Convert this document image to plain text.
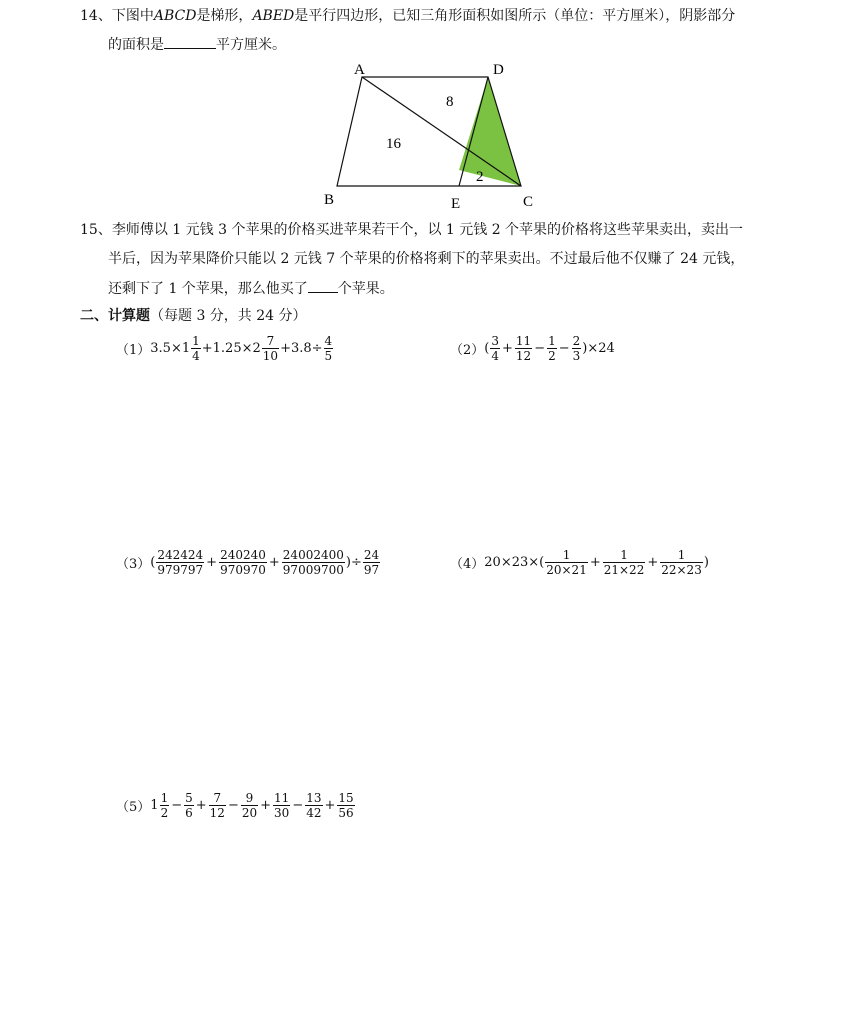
14、下图中ABCD是梯形，ABED是平行四边形，已知三角形面积如图所示（单位：平方厘米），阴影部分
的面积是	平方厘米。
A	D
B	E	C
8
16
2
15、李师傅以 1 元钱 3 个苹果的价格买进苹果若干个，以 1 元钱 2 个苹果的价格将这些苹果卖出，卖出一
半后，因为苹果降价只能以 2 元钱 7 个苹果的价格将剩下的苹果卖出。不过最后他不仅赚了 24 元钱，
还剩下了 1 个苹果，那么他买了 个苹果。
二、计算题（每题 3 分，共 24 分）
（1） $3.5\times 1 \frac{1}{4} +1.25\times 2 \frac{7}{10} +3.8\div \frac{4}{5}$	（2） ( $\frac{3}{4} + \frac{11}{12} - \frac{1}{2} - \frac{2}{3} )\times 24$
（3） ( $\frac{242424}{979797} + \frac{240240}{970970} + \frac{24002400}{97009700}$ )÷ $\frac{24}{97}$	（4） $20\times 23\times( \frac{1}{20\times 21} + \frac{1}{21\times 22} + \frac{1}{22\times 23}$ )
（5） $1 \frac{1}{2} - \frac{5}{6} + \frac{7}{12} - \frac{9}{20} + \frac{11}{30} - \frac{13}{42} + \frac{15}{56}$
